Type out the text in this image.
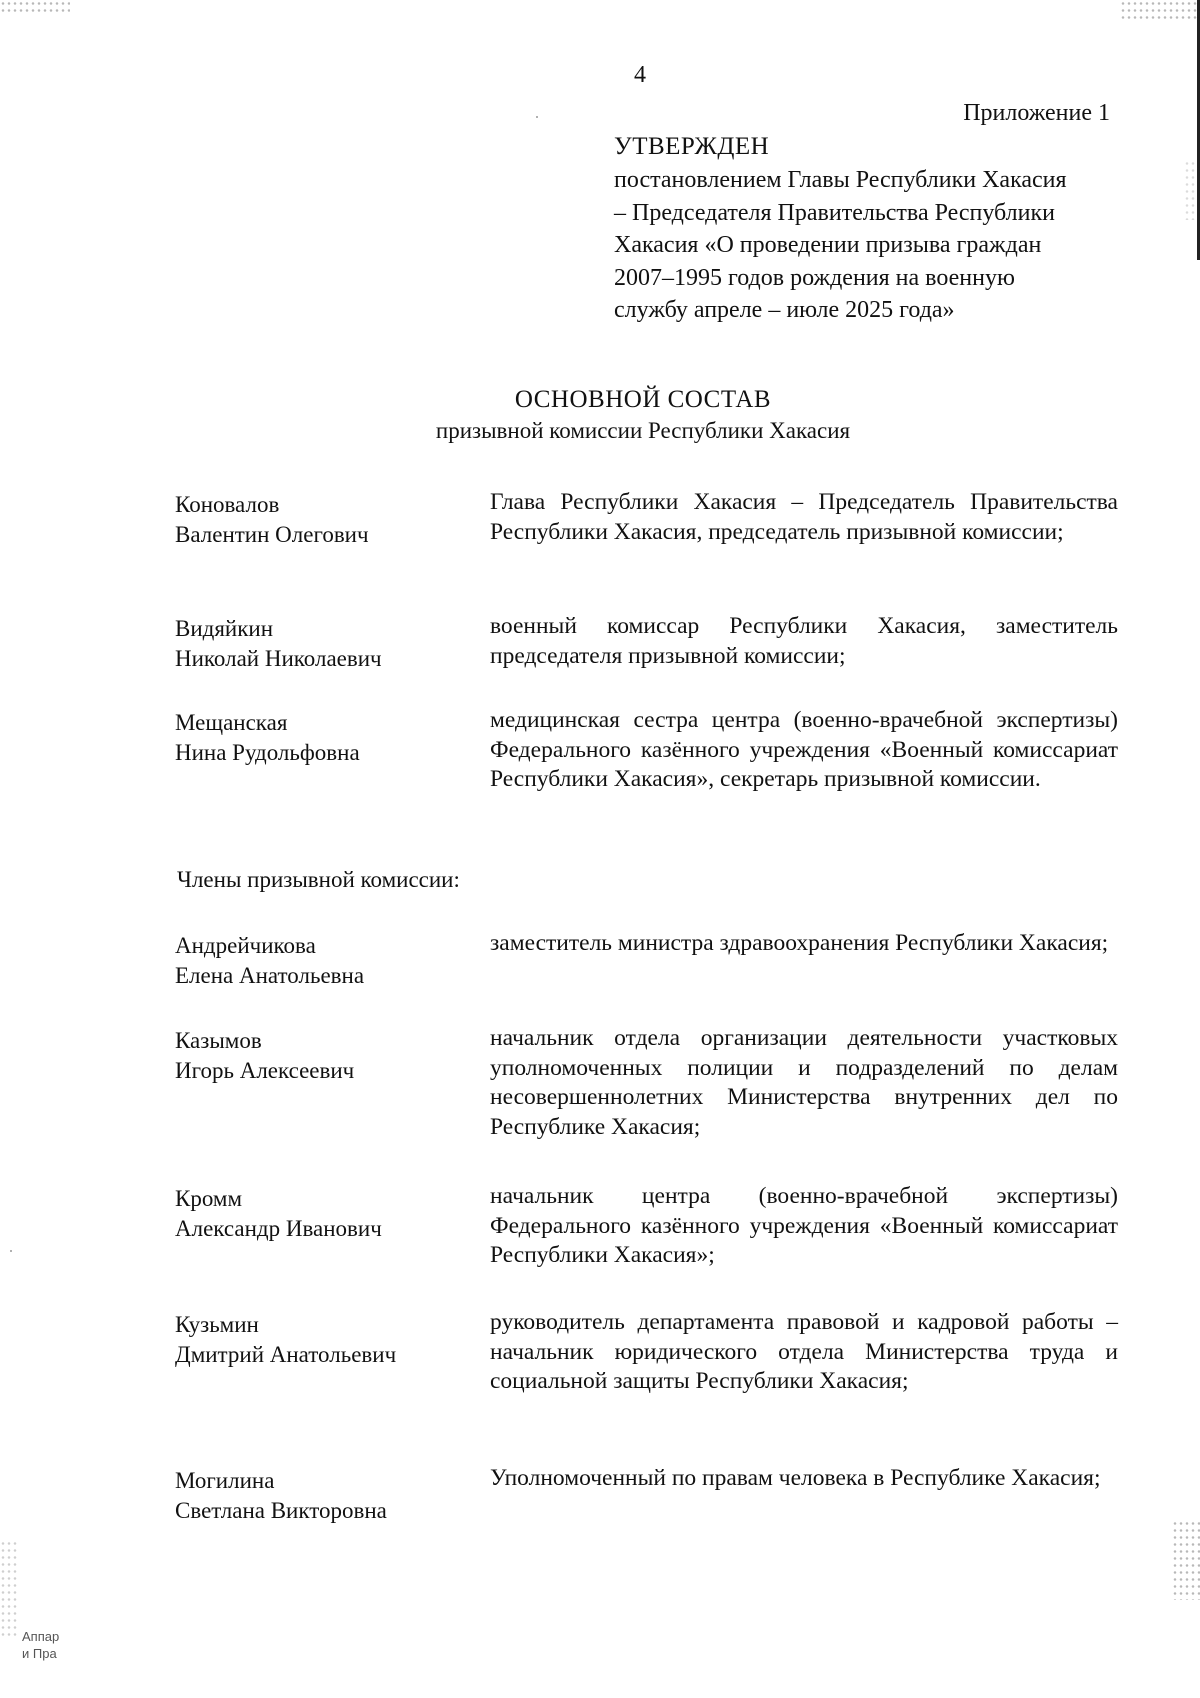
4
Приложение 1
УТВЕРЖДЕН
постановлением Главы Республики Хакасия
– Председателя Правительства Республики
Хакасия «О проведении призыва граждан
2007–1995 годов рождения на военную
службу апреле – июле 2025 года»
ОСНОВНОЙ СОСТАВ
призывной комиссии Республики Хакасия
Коновалов
Валентин Олегович
Глава Республики Хакасия – Председатель Правительства Республики Хакасия, председатель призывной комиссии;
Видяйкин
Николай Николаевич
военный комиссар Республики Хакасия, заместитель председателя призывной комиссии;
Мещанская
Нина Рудольфовна
медицинская сестра центра (военно-врачебной экспертизы) Федерального казённого учреждения «Военный комиссариат Республики Хакасия», секретарь призывной комиссии.
Члены призывной комиссии:
Андрейчикова
Елена Анатольевна
заместитель министра здравоохранения Республики Хакасия;
Казымов
Игорь Алексеевич
начальник отдела организации деятельности участковых уполномоченных полиции и подразделений по делам несовершеннолетних Министерства внутренних дел по Республике Хакасия;
Кромм
Александр Иванович
начальник центра (военно-врачебной экспертизы) Федерального казённого учреждения «Военный комиссариат Республики Хакасия»;
Кузьмин
Дмитрий Анатольевич
руководитель департамента правовой и кадровой работы – начальник юридического отдела Министерства труда и социальной защиты Республики Хакасия;
Могилина
Светлана Викторовна
Уполномоченный по правам человека в Республике Хакасия;
Аппар
и Пра
